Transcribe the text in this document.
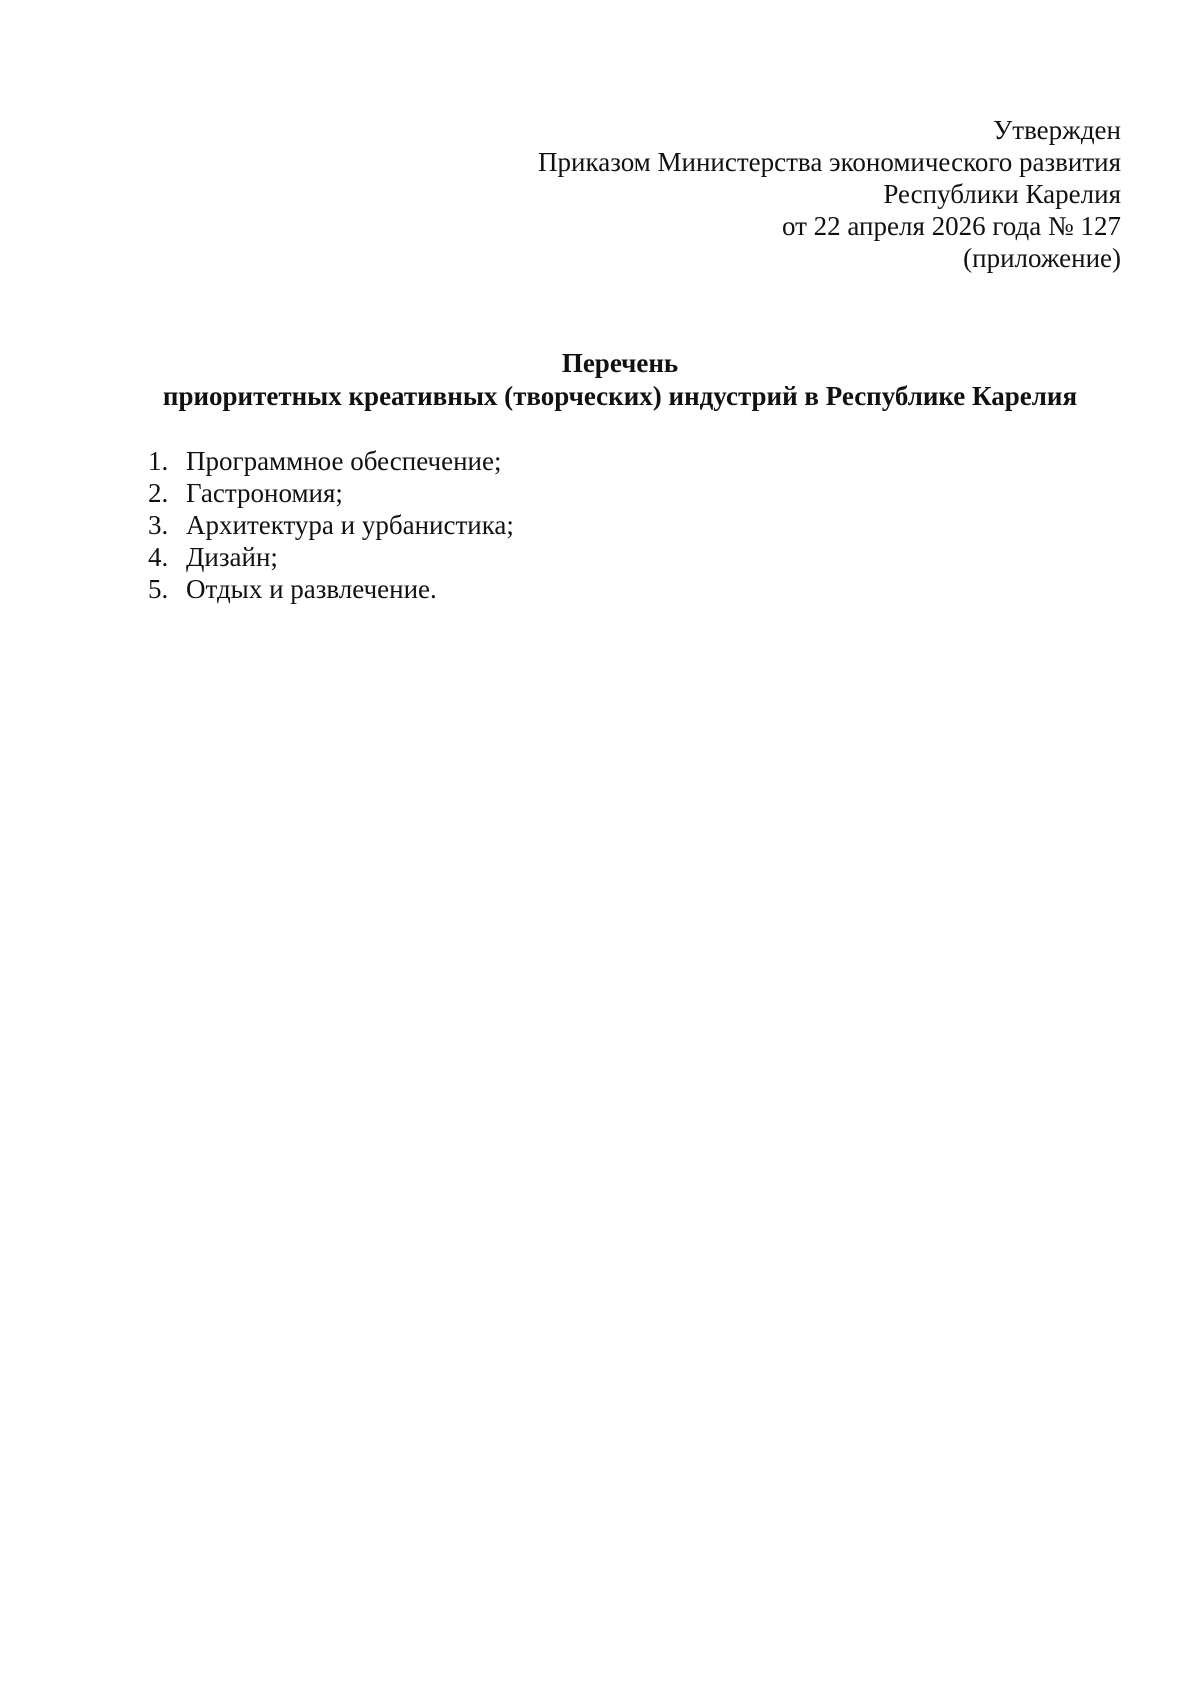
Утвержден
Приказом Министерства экономического развития
Республики Карелия
от 22 апреля 2026 года № 127
(приложение)
Перечень
приоритетных креативных (творческих) индустрий в Республике Карелия
1. Программное обеспечение;
2. Гастрономия;
3. Архитектура и урбанистика;
4. Дизайн;
5. Отдых и развлечение.
